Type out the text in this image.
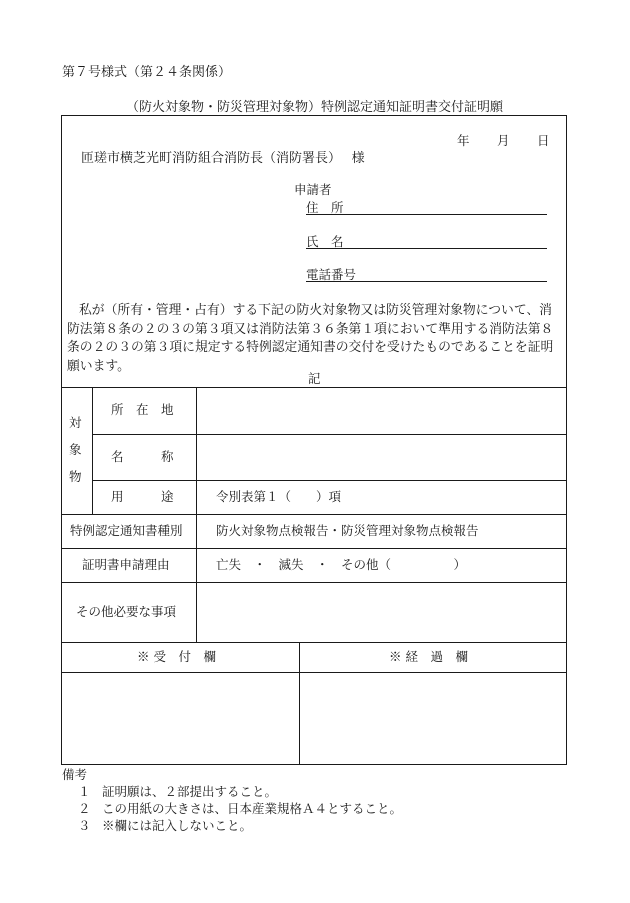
第７号様式（第２４条関係）
（防火対象物・防災管理対象物）特例認定通知証明書交付証明願
年 月 日
匝瑳市横芝光町消防組合消防長（消防署長）　 様
申請者
住　所
氏　名
電話番号
私が（所有・管理・占有）する下記の防火対象物又は防災管理対象物について、消防法第８条の２の３の第３項又は消防法第３６条第１項において準用する消防法第８条の２の３の第３項に規定する特例認定通知書の交付を受けたものであることを証明願います。
記
対
象
物
所　在　地
名　　　称
用　　　途	令別表第１（　　）項
特例認定通知書種別	防火対象物点検報告・防災管理対象物点検報告
証明書申請理由	亡失　・　滅失　・　その他（　　　　　）
その他必要な事項
※ 受　付　欄	※ 経　過　欄
備考
１ 証明願は、２部提出すること。
２ この用紙の大きさは、日本産業規格Ａ４とすること。
３ ※欄には記入しないこと。
